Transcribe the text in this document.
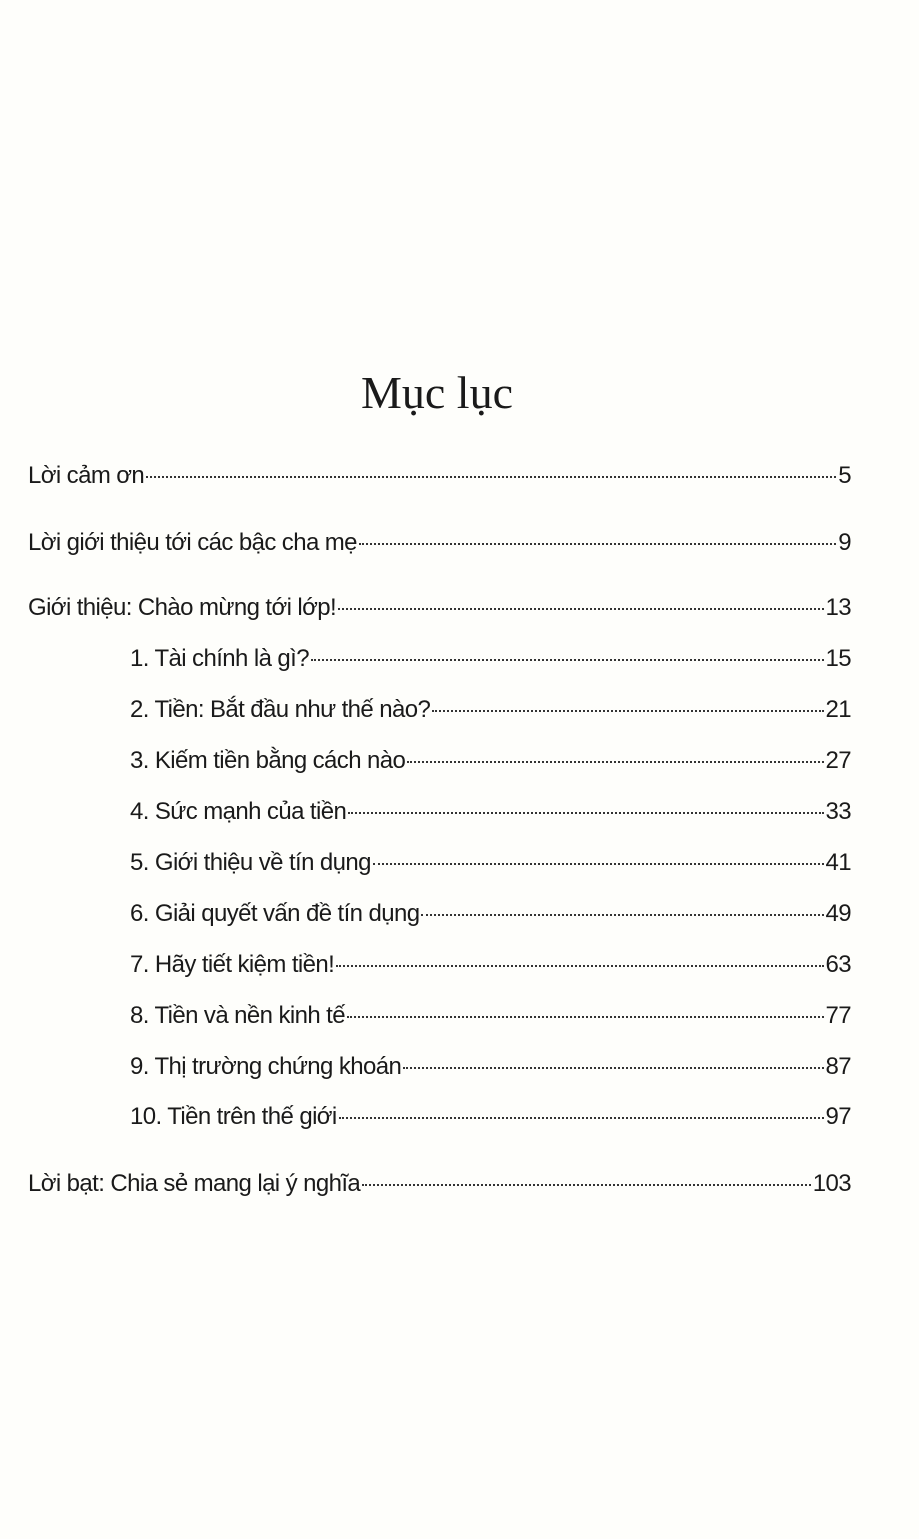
Mục lục
Lời cảm ơn	5
Lời giới thiệu tới các bậc cha mẹ	9
Giới thiệu: Chào mừng tới lớp!	13
1. Tài chính là gì?	15
2. Tiền: Bắt đầu như thế nào?	21
3. Kiếm tiền bằng cách nào	27
4. Sức mạnh của tiền	33
5. Giới thiệu về tín dụng	41
6. Giải quyết vấn đề tín dụng	49
7. Hãy tiết kiệm tiền!	63
8. Tiền và nền kinh tế	77
9. Thị trường chứng khoán	87
10. Tiền trên thế giới	97
Lời bạt: Chia sẻ mang lại ý nghĩa	103
